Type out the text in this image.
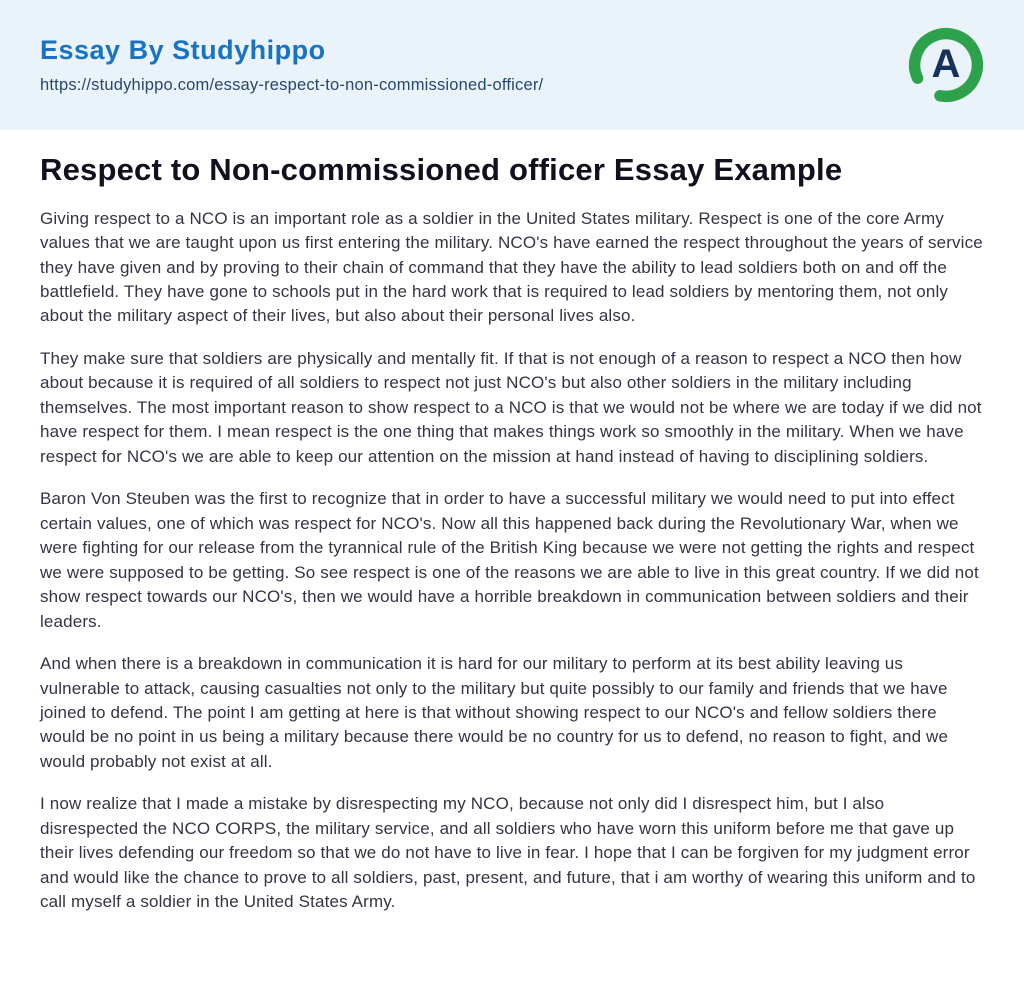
Essay By Studyhippo
https://studyhippo.com/essay-respect-to-non-commissioned-officer/	A
Respect to Non-commissioned officer Essay Example

Giving respect to a NCO is an important role as a soldier in the United States military. Respect is one of the core Army values that we are taught upon us first entering the military. NCO's have earned the respect throughout the years of service they have given and by proving to their chain of command that they have the ability to lead soldiers both on and off the battlefield. They have gone to schools put in the hard work that is required to lead soldiers by mentoring them, not only about the military aspect of their lives, but also about their personal lives also.

They make sure that soldiers are physically and mentally fit. If that is not enough of a reason to respect a NCO then how about because it is required of all soldiers to respect not just NCO's but also other soldiers in the military including themselves. The most important reason to show respect to a NCO is that we would not be where we are today if we did not have respect for them. I mean respect is the one thing that makes things work so smoothly in the military. When we have respect for NCO's we are able to keep our attention on the mission at hand instead of having to disciplining soldiers.

Baron Von Steuben was the first to recognize that in order to have a successful military we would need to put into effect certain values, one of which was respect for NCO's. Now all this happened back during the Revolutionary War, when we were fighting for our release from the tyrannical rule of the British King because we were not getting the rights and respect we were supposed to be getting. So see respect is one of the reasons we are able to live in this great country. If we did not show respect towards our NCO's, then we would have a horrible breakdown in communication between soldiers and their leaders.

And when there is a breakdown in communication it is hard for our military to perform at its best ability leaving us vulnerable to attack, causing casualties not only to the military but quite possibly to our family and friends that we have joined to defend. The point I am getting at here is that without showing respect to our NCO's and fellow soldiers there would be no point in us being a military because there would be no country for us to defend, no reason to fight, and we would probably not exist at all.

I now realize that I made a mistake by disrespecting my NCO, because not only did I disrespect him, but I also disrespected the NCO CORPS, the military service, and all soldiers who have worn this uniform before me that gave up their lives defending our freedom so that we do not have to live in fear. I hope that I can be forgiven for my judgment error and would like the chance to prove to all soldiers, past, present, and future, that i am worthy of wearing this uniform and to call myself a soldier in the United States Army.
